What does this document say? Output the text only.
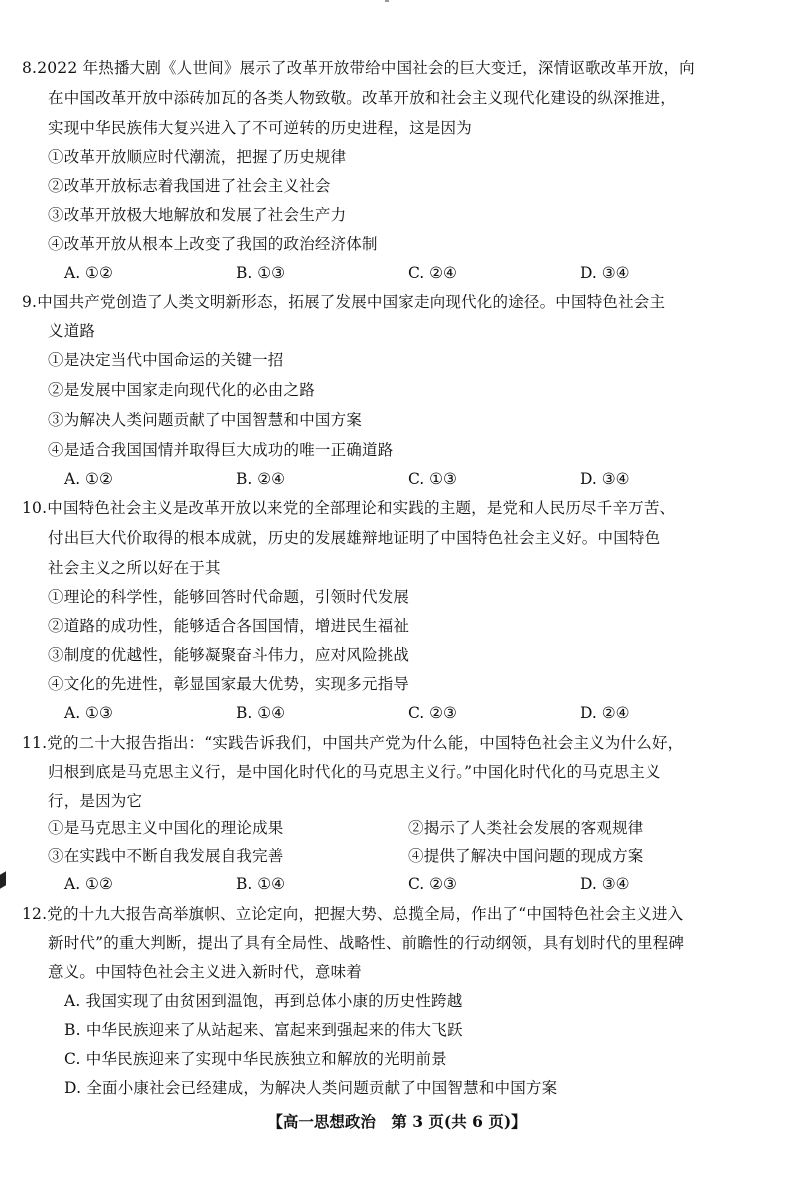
8.2022 年热播大剧《人世间》展示了改革开放带给中国社会的巨大变迁，深情讴歌改革开放，向
在中国改革开放中添砖加瓦的各类人物致敬。改革开放和社会主义现代化建设的纵深推进，
实现中华民族伟大复兴进入了不可逆转的历史进程，这是因为
①改革开放顺应时代潮流，把握了历史规律
②改革开放标志着我国进了社会主义社会
③改革开放极大地解放和发展了社会生产力
④改革开放从根本上改变了我国的政治经济体制
A. ①②	B. ①③	C. ②④	D. ③④
9.中国共产党创造了人类文明新形态，拓展了发展中国家走向现代化的途径。中国特色社会主
义道路
①是决定当代中国命运的关键一招
②是发展中国家走向现代化的必由之路
③为解决人类问题贡献了中国智慧和中国方案
④是适合我国国情并取得巨大成功的唯一正确道路
A. ①②	B. ②④	C. ①③	D. ③④
10.中国特色社会主义是改革开放以来党的全部理论和实践的主题，是党和人民历尽千辛万苦、
付出巨大代价取得的根本成就，历史的发展雄辩地证明了中国特色社会主义好。中国特色
社会主义之所以好在于其
①理论的科学性，能够回答时代命题，引领时代发展
②道路的成功性，能够适合各国国情，增进民生福祉
③制度的优越性，能够凝聚奋斗伟力，应对风险挑战
④文化的先进性，彰显国家最大优势，实现多元指导
A. ①③	B. ①④	C. ②③	D. ②④
11.党的二十大报告指出：“实践告诉我们，中国共产党为什么能，中国特色社会主义为什么好，
归根到底是马克思主义行，是中国化时代化的马克思主义行。”中国化时代化的马克思主义
行，是因为它
①是马克思主义中国化的理论成果	②揭示了人类社会发展的客观规律
③在实践中不断自我发展自我完善	④提供了解决中国问题的现成方案
A. ①②	B. ①④	C. ②③	D. ③④
12.党的十九大报告高举旗帜、立论定向，把握大势、总揽全局，作出了“中国特色社会主义进入
新时代”的重大判断，提出了具有全局性、战略性、前瞻性的行动纲领，具有划时代的里程碑
意义。中国特色社会主义进入新时代，意味着
A. 我国实现了由贫困到温饱，再到总体小康的历史性跨越
B. 中华民族迎来了从站起来、富起来到强起来的伟大飞跃
C. 中华民族迎来了实现中华民族独立和解放的光明前景
D. 全面小康社会已经建成，为解决人类问题贡献了中国智慧和中国方案
【高一思想政治　第 3 页(共 6 页)】
